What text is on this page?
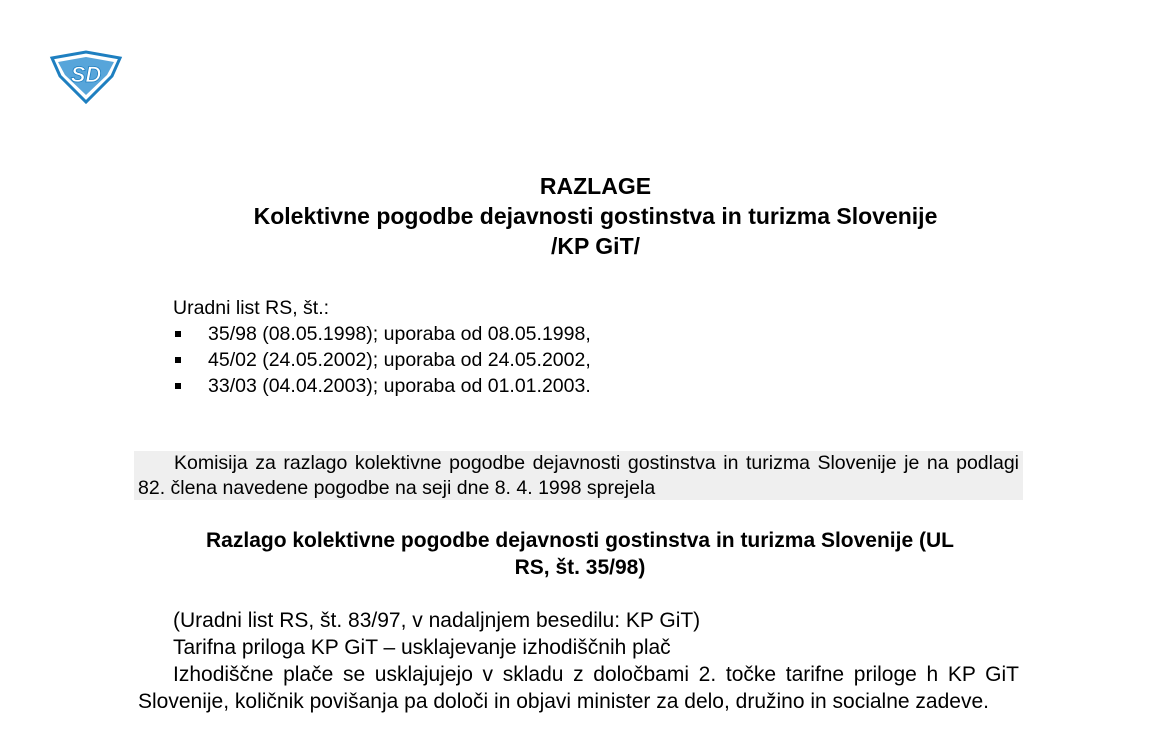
SD
RAZLAGE
Kolektivne pogodbe dejavnosti gostinstva in turizma Slovenije
/KP GiT/
Uradni list RS, št.:
35/98 (08.05.1998); uporaba od 08.05.1998,
45/02 (24.05.2002); uporaba od 24.05.2002,
33/03 (04.04.2003); uporaba od 01.01.2003.

Komisija za razlago kolektivne pogodbe dejavnosti gostinstva in turizma Slovenije je na podlagi 82. člena navedene pogodbe na seji dne 8. 4. 1998 sprejela

Razlago kolektivne pogodbe dejavnosti gostinstva in turizma Slovenije (UL
RS, št. 35/98)

(Uradni list RS, št. 83/97, v nadaljnjem besedilu: KP GiT)

Tarifna priloga KP GiT – usklajevanje izhodiščnih plač

Izhodiščne plače se usklajujejo v skladu z določbami 2. točke tarifne priloge h KP GiT Slovenije, količnik povišanja pa določi in objavi minister za delo, družino in socialne zadeve.
